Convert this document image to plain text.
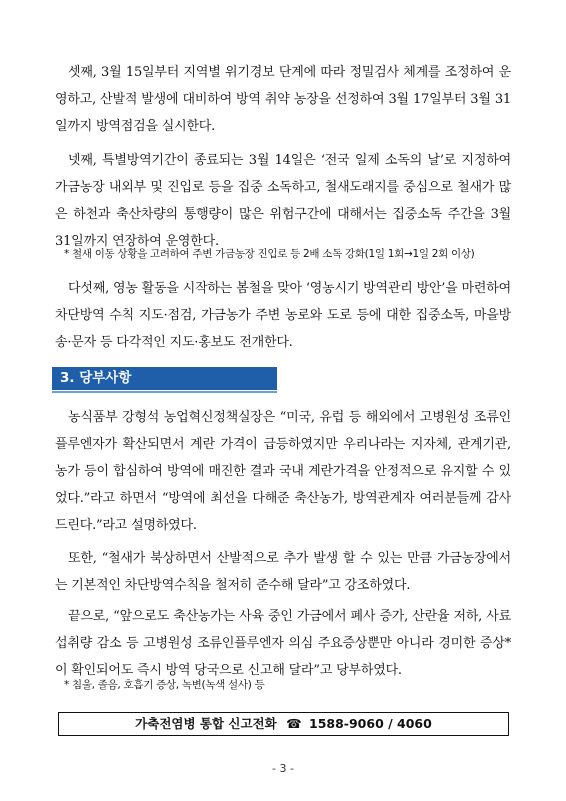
셋째, 3월 15일부터 지역별 위기경보 단계에 따라 정밀검사 체계를 조정하여 운영하고, 산발적 발생에 대비하여 방역 취약 농장을 선정하여 3월 17일부터 3월 31일까지 방역점검을 실시한다.

넷째, 특별방역기간이 종료되는 3월 14일은 ‘전국 일제 소독의 날’로 지정하여 가금농장 내외부 및 진입로 등을 집중 소독하고, 철새도래지를 중심으로 철새가 많은 하천과 축산차량의 통행량이 많은 위험구간에 대해서는 집중소독 주간을 3월 31일까지 연장하여 운영한다.

* 철새 이동 상황을 고려하여 주변 가금농장 진입로 등 2배 소독 강화(1일 1회→1일 2회 이상)

다섯째, 영농 활동을 시작하는 봄철을 맞아 ‘영농시기 방역관리 방안’을 마련하여 차단방역 수칙 지도·점검, 가금농가 주변 농로와 도로 등에 대한 집중소독, 마을방송·문자 등 다각적인 지도·홍보도 전개한다.

3. 당부사항

농식품부 강형석 농업혁신정책실장은 “미국, 유럽 등 해외에서 고병원성 조류인플루엔자가 확산되면서 계란 가격이 급등하였지만 우리나라는 지자체, 관계기관, 농가 등이 합심하여 방역에 매진한 결과 국내 계란가격을 안정적으로 유지할 수 있었다.”라고 하면서 “방역에 최선을 다해준 축산농가, 방역관계자 여러분들께 감사드린다.”라고 설명하였다.

또한, “철새가 북상하면서 산발적으로 추가 발생 할 수 있는 만큼 가금농장에서는 기본적인 차단방역수칙을 철저히 준수해 달라”고 강조하였다.

끝으로, “앞으로도 축산농가는 사육 중인 가금에서 폐사 증가, 산란율 저하, 사료 섭취량 감소 등 고병원성 조류인플루엔자 의심 주요증상뿐만 아니라 경미한 증상*이 확인되어도 즉시 방역 당국으로 신고해 달라”고 당부하였다.

* 침울, 졸음, 호흡기 증상, 녹변(녹색 설사) 등

가축전염병 통합 신고전화 ☎ 1588-9060 / 4060
- 3 -
